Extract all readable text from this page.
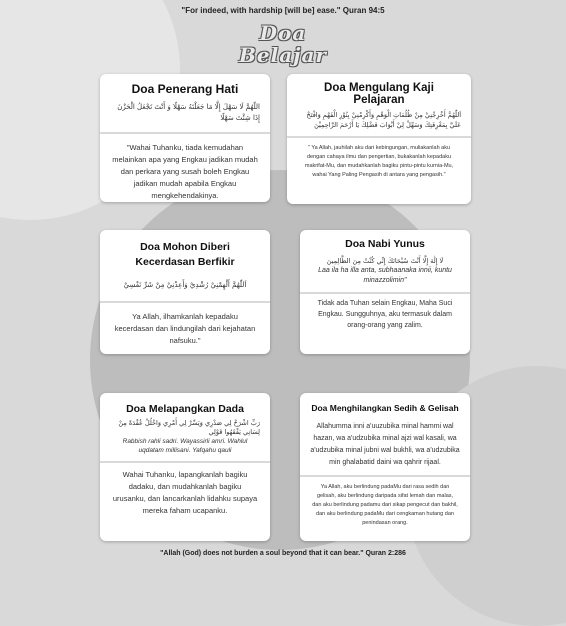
"For indeed, with hardship [will be] ease." Quran 94:5
Doa
Belajar
Doa Penerang Hati
اللّهُمَّ لَا سَهْلَ إِلَّا مَا جَعَلْتَهُ سَهْلًا وَ أَنْتَ تَجْعَلُ الْحَزْنَ إِذَا شِئْتَ سَهْلًا
"Wahai Tuhanku, tiada kemudahan melainkan apa yang Engkau jadikan mudah dan perkara yang susah boleh Engkau jadikan mudah apabila Engkau mengkehendakinya.
Doa Mengulang Kaji Pelajaran
اَللّٰهُمَّ أَخْرِجْنِيْ مِنْ ظُلُمَاتِ الْوَهْمِ وَأَكْرِمْنِيْ بِنُوْرِ الْفَهْمِ وَافْتَحْ عَلَيَّ بِمَعْرِفَتِكَ وَسَهِّلْ لِيْ أَبْوَابَ فَضْلِكَ يَا أَرْحَمَ الرَّاحِمِيْنَ
" Ya Allah, jauhilah aku dari kebingungan, muliakanlah aku dengan cahaya ilmu dan pengertian, bukakanlah kepadaku makrifat-Mu, dan mudahkanlah bagiku pintu-pintu kurnia-Mu, wahai Yang Paling Pengasih di antara yang pengasih."
Doa Mohon Diberi Kecerdasan Berfikir
اَللّٰهُمَّ أَلْهِمْنِيْ رُشْدِيْ وَأَعِذْنِيْ مِنْ شَرِّ نَفْسِيْ
Ya Allah, ilhamkanlah kepadaku kecerdasan dan lindungilah dari kejahatan nafsuku."
Doa Nabi Yunus
لَا إِلَٰهَ إِلَّا أَنْتَ سُبْحَانَكَ إِنِّي كُنْتُ مِنَ الظَّالِمِينَ
Laa ila ha illa anta, subhaanaka innii, kuntu minazzolimin"
Tidak ada Tuhan selain Engkau, Maha Suci Engkau. Sungguhnya, aku termasuk dalam orang-orang yang zalim.
Doa Melapangkan Dada
رَبِّ اشْرَحْ لِي صَدْرِي وَيَسِّرْ لِي أَمْرِي وَاحْلُلْ عُقْدَةً مِنْ لِسَانِي يَفْقَهُوا قَوْلِي
Rabbish rahli sadri. Wayassirli amri. Wahlul uqdatam millisani. Yafqahu qauli
Wahai Tuhanku, lapangkanlah bagiku dadaku, dan mudahkanlah bagiku urusanku, dan lancarkanlah lidahku supaya mereka faham ucapanku.
Doa Menghilangkan Sedih & Gelisah
Allahumma inni a'uuzubika minal hammi wal hazan, wa a'udzubika minal ajzi wal kasali, wa a'udzubika minal jubni wal bukhli, wa a'udzubika min ghalabatid daini wa qahrir rijaal.
Ya Allah, aku berlindung padaMu dari rasa sedih dan gelisah, aku berlindung daripada sifat lemah dan malas, dan aku berlindung padamu dari sikap pengecut dan bakhil, dan aku berlindung padaMu dari cengkaman hutang dan penindasan orang.
"Allah (God) does not burden a soul beyond that it can bear." Quran 2:286
